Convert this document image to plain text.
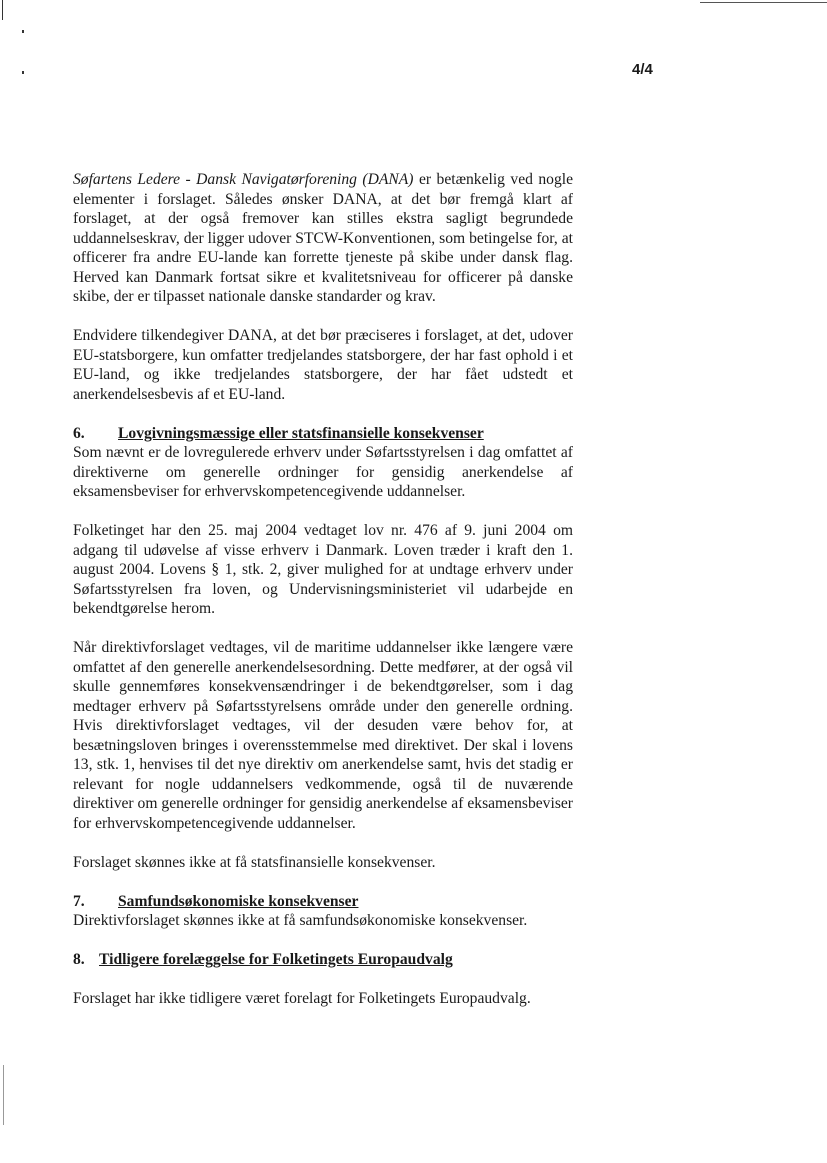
4/4

Søfartens Ledere - Dansk Navigatørforening (DANA) er betænkelig ved nogle elementer i forslaget. Således ønsker DANA, at det bør fremgå klart af forslaget, at der også fremover kan stilles ekstra sagligt begrundede uddannelseskrav, der ligger udover STCW-Konventionen, som betingelse for, at officerer fra andre EU-lande kan forrette tjeneste på skibe under dansk flag. Herved kan Danmark fortsat sikre et kvalitetsniveau for officerer på danske skibe, der er tilpasset nationale danske standarder og krav.

Endvidere tilkendegiver DANA, at det bør præciseres i forslaget, at det, udover EU-statsborgere, kun omfatter tredjelandes statsborgere, der har fast ophold i et EU-land, og ikke tredjelandes statsborgere, der har fået udstedt et anerkendelsesbevis af et EU-land.

6.	Lovgivningsmæssige eller statsfinansielle konsekvenser

Som nævnt er de lovregulerede erhverv under Søfartsstyrelsen i dag omfattet af direktiverne om generelle ordninger for gensidig anerkendelse af eksamensbeviser for erhvervskompetencegivende uddannelser.

Folketinget har den 25. maj 2004 vedtaget lov nr. 476 af 9. juni 2004 om adgang til udøvelse af visse erhverv i Danmark. Loven træder i kraft den 1. august 2004. Lovens § 1, stk. 2, giver mulighed for at undtage erhverv under Søfartsstyrelsen fra loven, og Undervisningsministeriet vil udarbejde en bekendtgørelse herom.

Når direktivforslaget vedtages, vil de maritime uddannelser ikke længere være omfattet af den generelle anerkendelsesordning. Dette medfører, at der også vil skulle gennemføres konsekvensændringer i de bekendtgørelser, som i dag medtager erhverv på Søfartsstyrelsens område under den generelle ordning. Hvis direktivforslaget vedtages, vil der desuden være behov for, at besætningsloven bringes i overensstemmelse med direktivet. Der skal i lovens 13, stk. 1, henvises til det nye direktiv om anerkendelse samt, hvis det stadig er relevant for nogle uddannelsers vedkommende, også til de nuværende direktiver om generelle ordninger for gensidig anerkendelse af eksamensbeviser for erhvervskompetencegivende uddannelser.

Forslaget skønnes ikke at få statsfinansielle konsekvenser.

7.	Samfundsøkonomiske konsekvenser

Direktivforslaget skønnes ikke at få samfundsøkonomiske konsekvenser.

8. Tidligere forelæggelse for Folketingets Europaudvalg

Forslaget har ikke tidligere været forelagt for Folketingets Europaudvalg.
